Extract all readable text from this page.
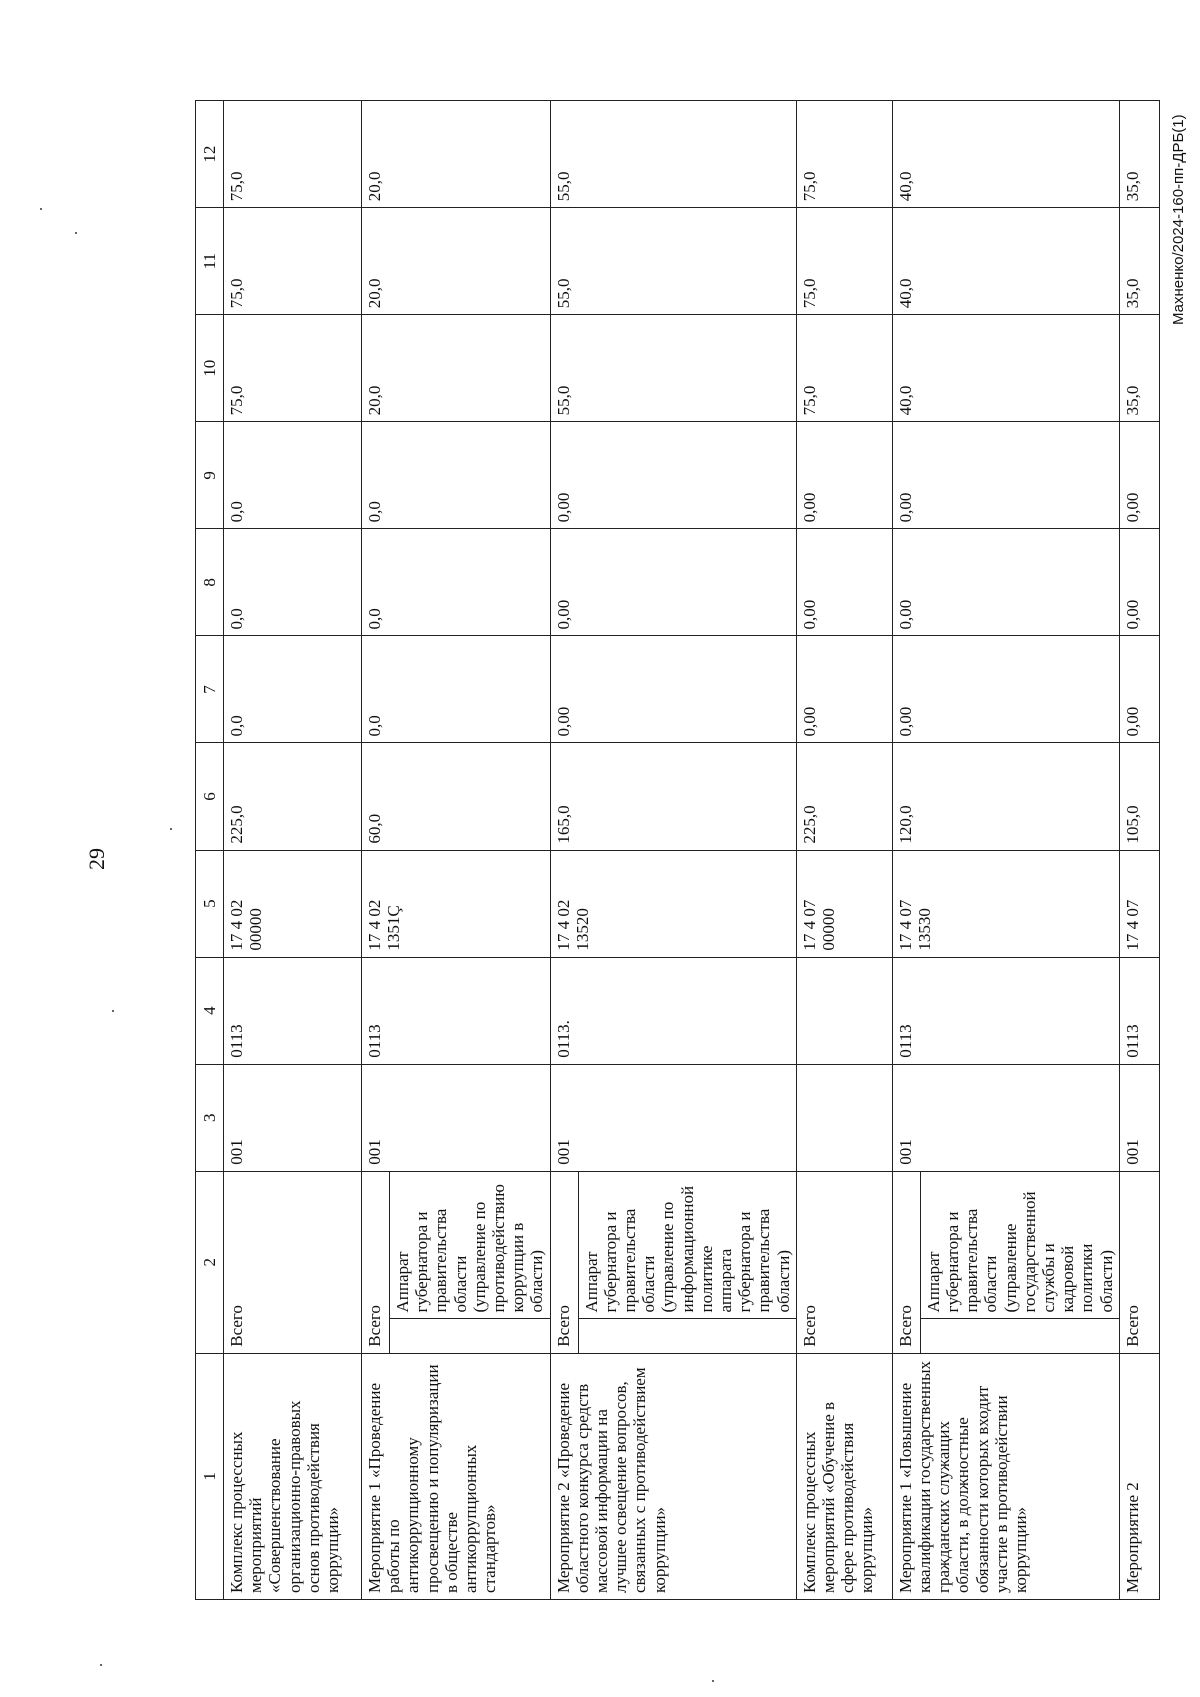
29
Махненко/2024-160-пп-ДРБ(1)
1	2		3	4	5	6	7	8	9	10	11	12
Комплекс процессных мероприятий «Совершенствование организационно-правовых основ противодействия коррупции»	Всего		001	0113	17 4 02 00000	225,0	0,0	0,0	0,0	75,0	75,0	75,0
Мероприятие 1 «Проведение работы по антикоррупционному просвещению и популяризации в обществе антикоррупционных стандартов»	Всего		001	0113	17 4 02 1351Ç	60,0	0,0	0,0	0,0	20,0	20,0	20,0
		Аппарат губернатора и правительства области (управление по противодействию коррупции в области)										
Мероприятие 2 «Проведение областного конкурса средств массовой информации на лучшее освещение вопросов, связанных с противодействием коррупции»	Всего		001	0113.	17 4 02 13520	165,0	0,00	0,00	0,00	55,0	55,0	55,0
		Аппарат губернатора и правительства области (управление по информационной политике аппарата губернатора и правительства области)										
Комплекс процессных мероприятий «Обучение в сфере противодействия коррупции»	Всего				17 4 07 00000	225,0	0,00	0,00	0,00	75,0	75,0	75,0
Мероприятие 1 «Повышение квалификации государственных гражданских служащих области, в должностные обязанности которых входит участие в противодействии коррупции»	Всего		001	0113	17 4 07 13530	120,0	0,00	0,00	0,00	40,0	40,0	40,0
		Аппарат губернатора и правительства области (управление государственной службы и кадровой политики области)										
Мероприятие 2	Всего		001	0113	17 4 07	105,0	0,00	0,00	0,00	35,0	35,0	35,0
